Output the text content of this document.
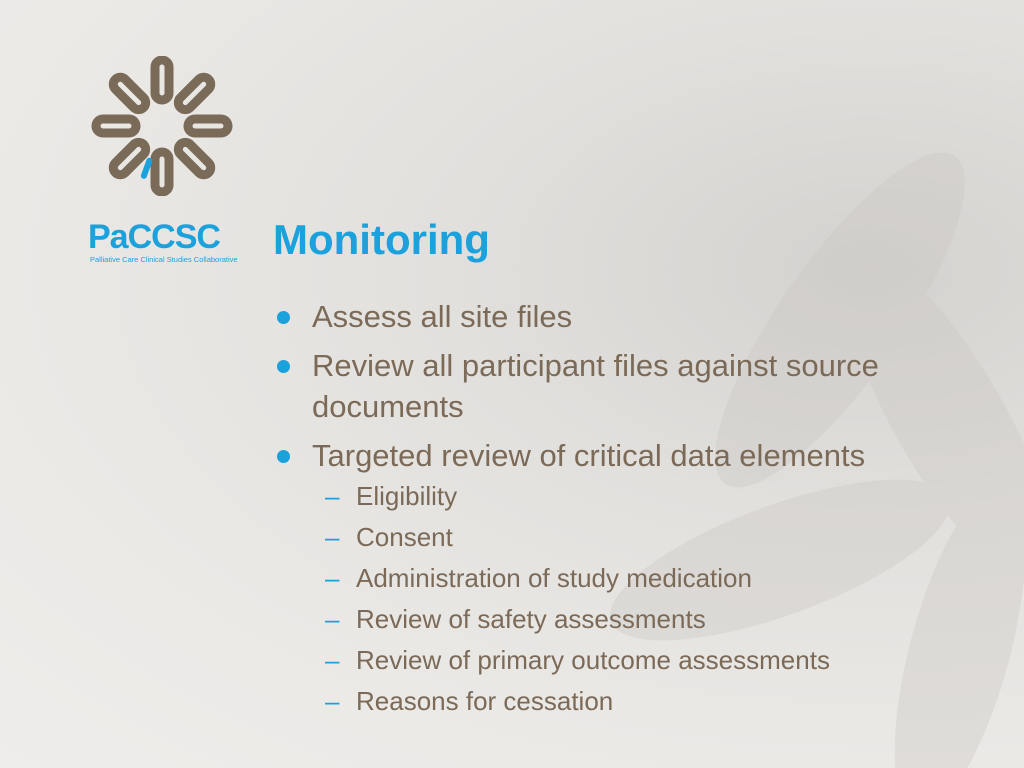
PaCCSC
Palliative Care Clinical Studies Collaborative Monitoring
Assess all site files
Review all participant files against source documents
Targeted review of critical data elements
– Eligibility
– Consent
– Administration of study medication
– Review of safety assessments
– Review of primary outcome assessments
– Reasons for cessation
